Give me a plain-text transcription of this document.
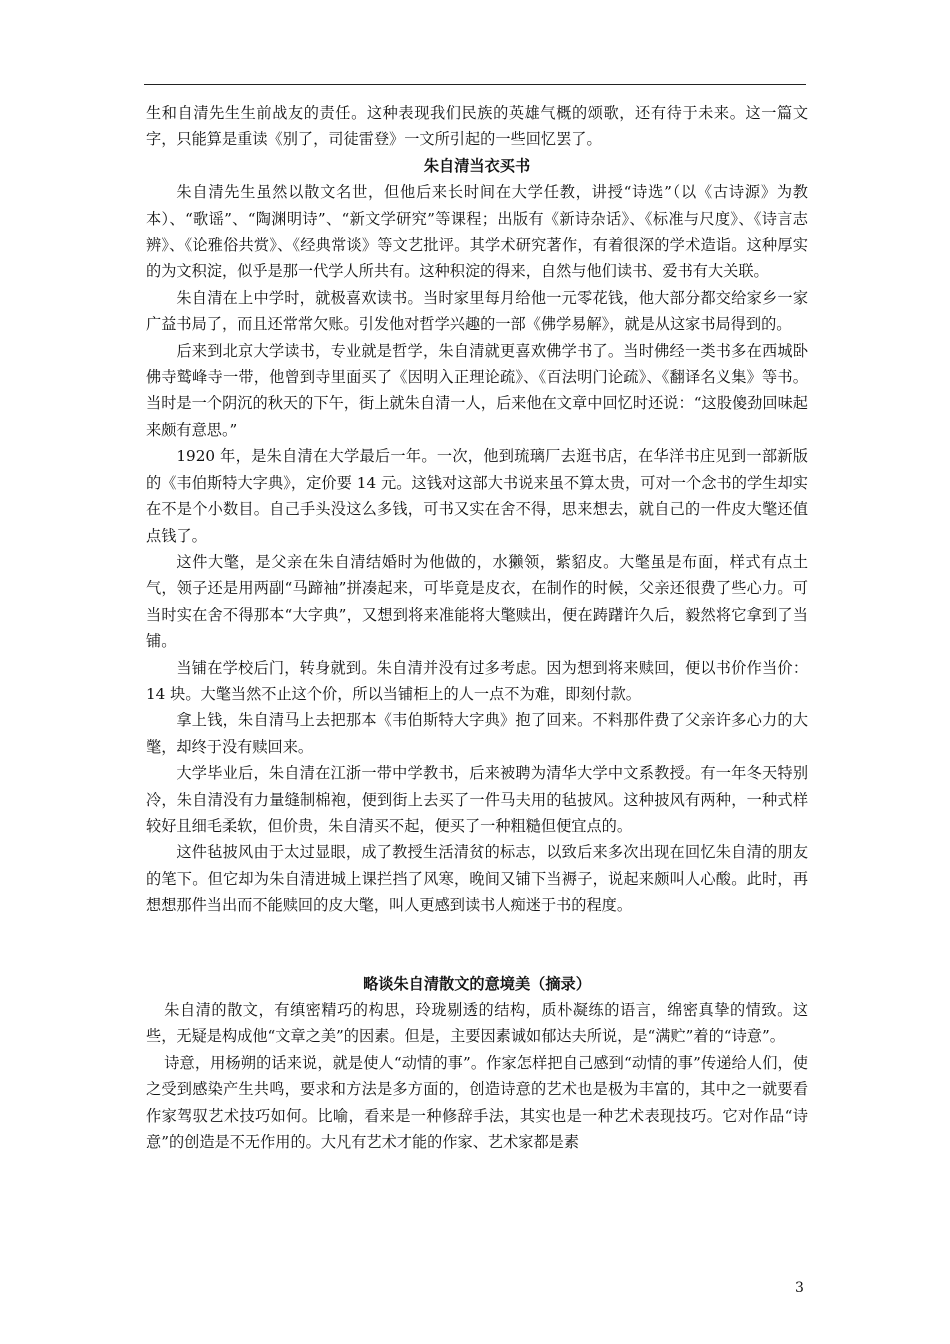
生和自清先生生前战友的责任。这种表现我们民族的英雄气概的颂歌，还有待于未来。这一篇文字，只能算是重读《别了，司徒雷登》一文所引起的一些回忆罢了。

朱自清当衣买书

朱自清先生虽然以散文名世，但他后来长时间在大学任教，讲授“诗选”（以《古诗源》为教本）、“歌谣”、“陶渊明诗”、“新文学研究”等课程；出版有《新诗杂话》、《标准与尺度》、《诗言志辨》、《论雅俗共赏》、《经典常谈》等文艺批评。其学术研究著作，有着很深的学术造诣。这种厚实的为文积淀，似乎是那一代学人所共有。这种积淀的得来，自然与他们读书、爱书有大关联。

朱自清在上中学时，就极喜欢读书。当时家里每月给他一元零花钱，他大部分都交给家乡一家广益书局了，而且还常常欠账。引发他对哲学兴趣的一部《佛学易解》，就是从这家书局得到的。

后来到北京大学读书，专业就是哲学，朱自清就更喜欢佛学书了。当时佛经一类书多在西城卧佛寺鹫峰寺一带，他曾到寺里面买了《因明入正理论疏》、《百法明门论疏》、《翻译名义集》等书。当时是一个阴沉的秋天的下午，街上就朱自清一人，后来他在文章中回忆时还说：“这股傻劲回味起来颇有意思。”

1920 年，是朱自清在大学最后一年。一次，他到琉璃厂去逛书店，在华洋书庄见到一部新版的《韦伯斯特大字典》，定价要 14 元。这钱对这部大书说来虽不算太贵，可对一个念书的学生却实在不是个小数目。自己手头没这么多钱，可书又实在舍不得，思来想去，就自己的一件皮大氅还值点钱了。

这件大氅，是父亲在朱自清结婚时为他做的，水獭领，紫貂皮。大氅虽是布面，样式有点土气，领子还是用两副“马蹄袖”拼凑起来，可毕竟是皮衣，在制作的时候，父亲还很费了些心力。可当时实在舍不得那本“大字典”，又想到将来准能将大氅赎出，便在踌躇许久后，毅然将它拿到了当铺。

当铺在学校后门，转身就到。朱自清并没有过多考虑。因为想到将来赎回，便以书价作当价：14 块。大氅当然不止这个价，所以当铺柜上的人一点不为难，即刻付款。

拿上钱，朱自清马上去把那本《韦伯斯特大字典》抱了回来。不料那件费了父亲许多心力的大氅，却终于没有赎回来。

大学毕业后，朱自清在江浙一带中学教书，后来被聘为清华大学中文系教授。有一年冬天特别冷，朱自清没有力量缝制棉袍，便到街上去买了一件马夫用的毡披风。这种披风有两种，一种式样较好且细毛柔软，但价贵，朱自清买不起，便买了一种粗糙但便宜点的。

这件毡披风由于太过显眼，成了教授生活清贫的标志，以致后来多次出现在回忆朱自清的朋友的笔下。但它却为朱自清进城上课拦挡了风寒，晚间又铺下当褥子，说起来颇叫人心酸。此时，再想想那件当出而不能赎回的皮大氅，叫人更感到读书人痴迷于书的程度。

略谈朱自清散文的意境美（摘录）

朱自清的散文，有缜密精巧的构思，玲珑剔透的结构，质朴凝练的语言，绵密真挚的情致。这些，无疑是构成他“文章之美”的因素。但是，主要因素诚如郁达夫所说，是“满贮”着的“诗意”。

诗意，用杨朔的话来说，就是使人“动情的事”。作家怎样把自己感到“动情的事”传递给人们，使之受到感染产生共鸣，要求和方法是多方面的，创造诗意的艺术也是极为丰富的，其中之一就要看作家驾驭艺术技巧如何。比喻，看来是一种修辞手法，其实也是一种艺术表现技巧。它对作品“诗意”的创造是不无作用的。大凡有艺术才能的作家、艺术家都是素

3
